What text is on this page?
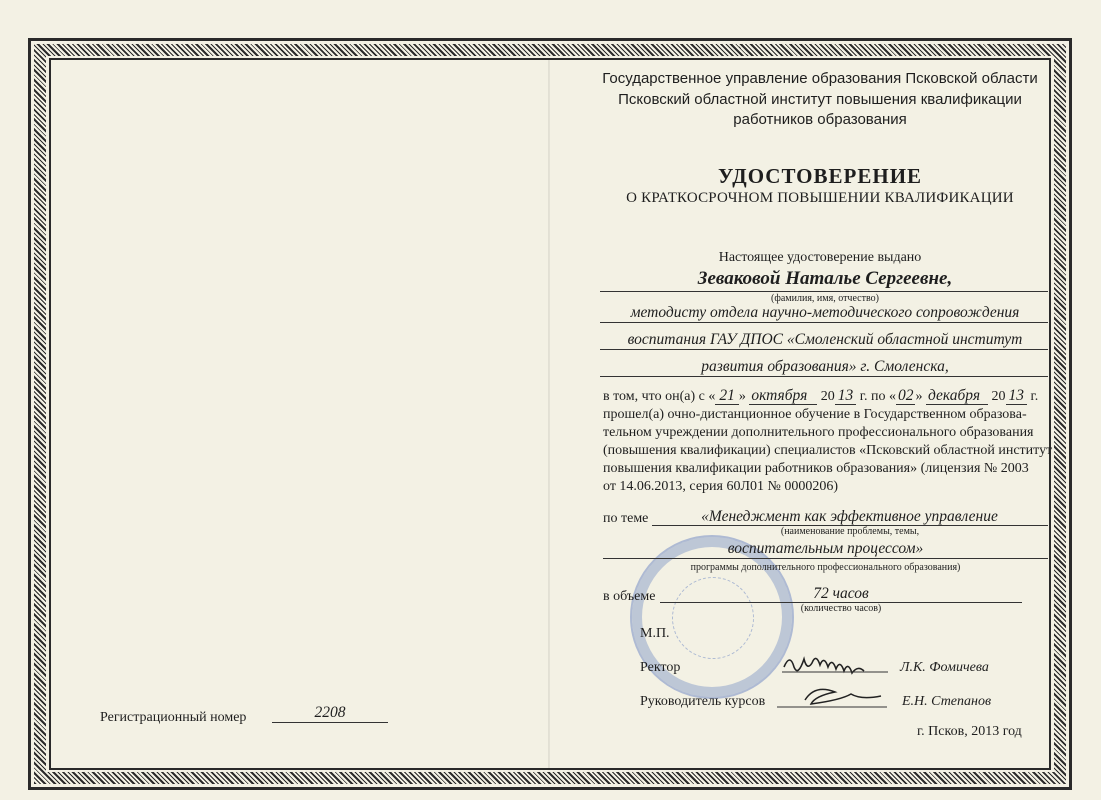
Государственное управление образования Псковской области
Псковский областной институт повышения квалификации
работников образования
УДОСТОВЕРЕНИЕ
О КРАТКОСРОЧНОМ ПОВЫШЕНИИ КВАЛИФИКАЦИИ
Настоящее удостоверение выдано
Зеваковой Наталье Сергеевне,
(фамилия, имя, отчество)
методисту отдела научно-методического сопровождения
воспитания ГАУ ДПОС «Смоленский областной институт
развития образования» г. Смоленска,
в том, что он(а) с « 21 » октября 20 13 г. по « 02 » декабря 20 13 г.
прошел(а) очно-дистанционное обучение в Государственном образова-
тельном учреждении дополнительного профессионального образования
(повышения квалификации) специалистов «Псковский областной институт
повышения квалификации работников образования» (лицензия № 2003
от 14.06.2013, серия 60Л01 № 0000206)
по теме	«Менеджмент как эффективное управление
(наименование проблемы, темы,
воспитательным процессом»
программы дополнительного профессионального образования)
в объеме	72 часов
(количество часов)
М.П.
Ректор	Л.К. Фомичева
Руководитель курсов	Е.Н. Степанов
г. Псков, 2013 год
Регистрационный номер	2208
